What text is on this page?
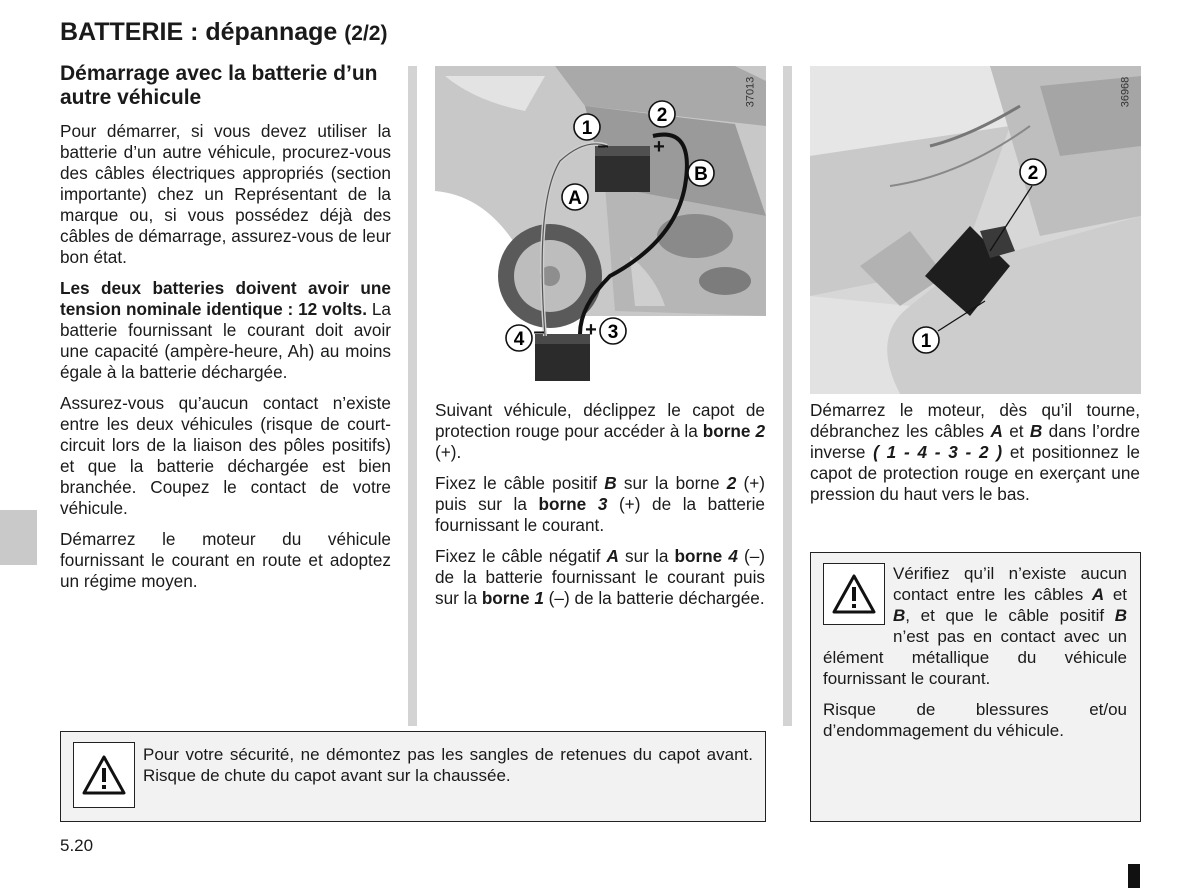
BATTERIE : dépannage (2/2)
Démarrage avec la batterie d’un autre véhicule

Pour démarrer, si vous devez utiliser la batterie d’un autre véhicule, procurez-vous des câbles électriques appropriés (section importante) chez un Représentant de la marque ou, si vous possédez déjà des câbles de démarrage, assurez-vous de leur bon état.

Les deux batteries doivent avoir une tension nominale identique : 12 volts. La batterie fournissant le courant doit avoir une capacité (ampère-heure, Ah) au moins égale à la batterie déchargée.

Assurez-vous qu’aucun contact n’existe entre les deux véhicules (risque de court-circuit lors de la liaison des pôles positifs) et que la batterie déchargée est bien branchée. Coupez le contact de votre véhicule.

Démarrez le moteur du véhicule fournissant le courant en route et adoptez un régime moyen.

1
2
3
4
A
B
+
+
–
–
37013
1
2
36968

Suivant véhicule, déclippez le capot de protection rouge pour accéder à la borne 2 (+).

Fixez le câble positif B sur la borne 2 (+) puis sur la borne 3 (+) de la batterie fournissant le courant.

Fixez le câble négatif A sur la borne 4 (–) de la batterie fournissant le courant puis sur la borne 1 (–) de la batterie déchargée.

Démarrez le moteur, dès qu’il tourne, débranchez les câbles A et B dans l’ordre inverse ( 1 - 4 - 3 - 2 ) et positionnez le capot de protection rouge en exerçant une pression du haut vers le bas.

Vérifiez qu’il n’existe aucun contact entre les câbles A et B, et que le câble positif B n’est pas en contact avec un élément métallique du véhicule fournissant le courant.

Risque de blessures et/ou d’endommagement du véhicule.

Pour votre sécurité, ne démontez pas les sangles de retenues du capot avant. Risque de chute du capot avant sur la chaussée.

5.20
